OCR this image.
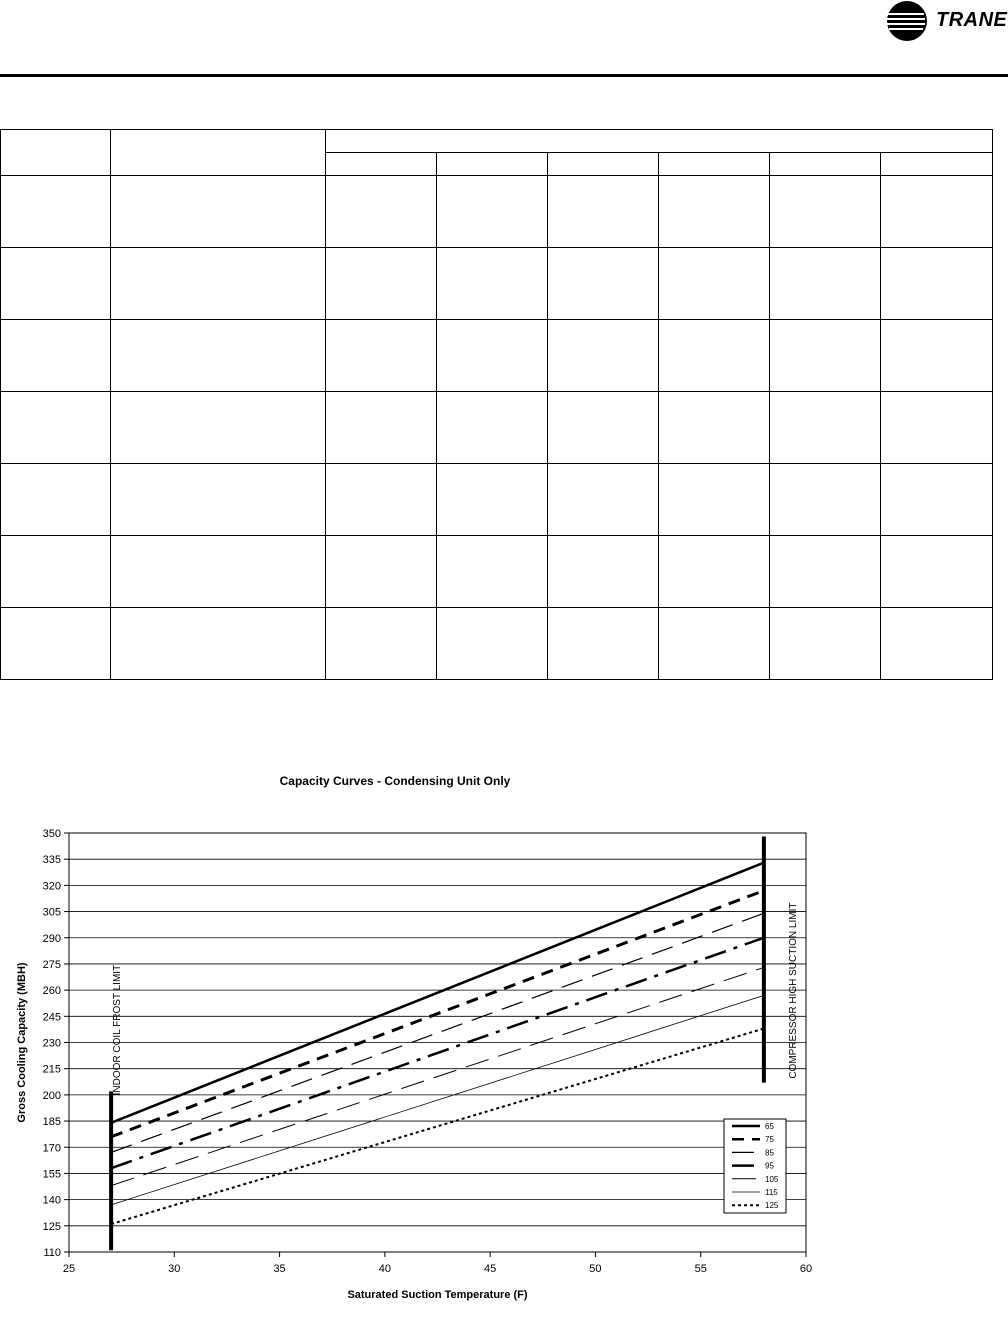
TRANE

Capacity Curves - Condensing Unit Only
INDOOR COIL FROST LIMIT	COMPRESSOR HIGH SUCTION LIMIT
110
125
140
155
170
185
200
215
230
245
260
275
290
305
320
335
350
25	30	35	40	45	50	55	60
Saturated Suction Temperature (F)
Gross Cooling Capacity (MBH)
65
75
85
95
105
115
125
